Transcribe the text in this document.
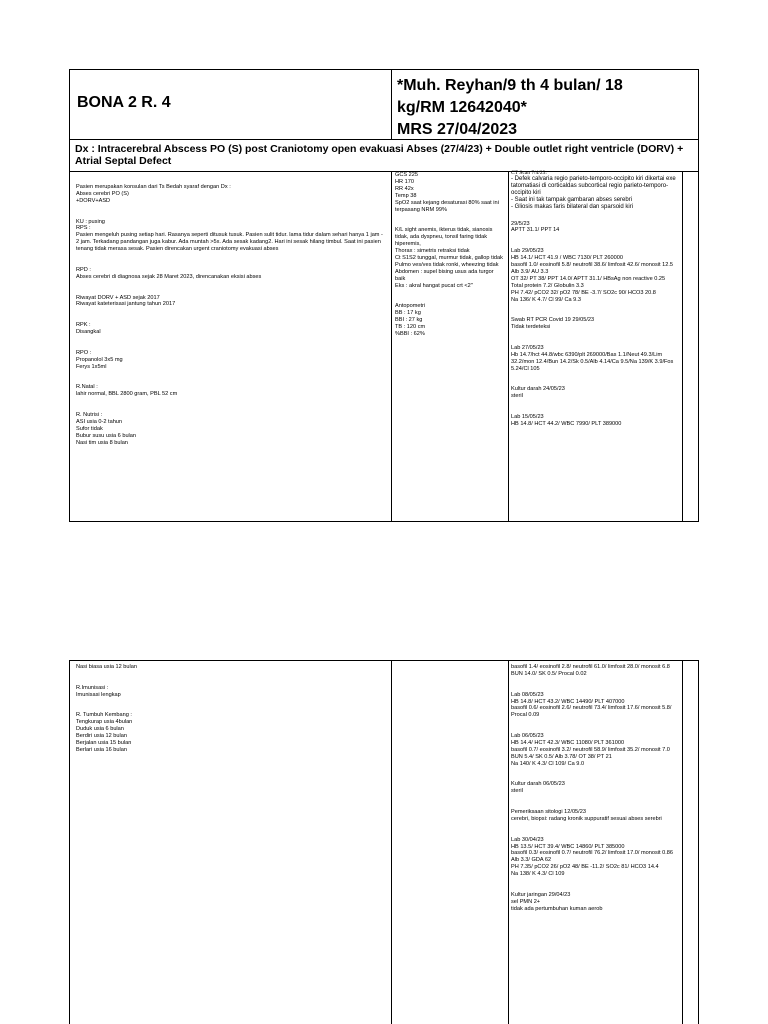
BONA 2 R. 4

*Muh. Reyhan/9 th 4 bulan/ 18

kg/RM 12642040*

MRS 27/04/2023

Dx : Intracerebral Abscess PO (S) post Craniotomy open evakuasi Abses (27/4/23) + Double outlet right ventricle (DORV) + Atrial Septal Defect
Pasien merupakan konsulan dari Ts Bedah syaraf dengan Dx :
Abses cerebri PO (S)
+DORV+ASD

KU : pusing
RPS :
Pasien mengeluh pusing setiap hari. Rasanya seperti ditusuk tusuk. Pasien sulit tidur. lama tidur dalam sehari hanya 1 jam - 2 jam. Terkadang pandangan juga kabur. Ada muntah >5x. Ada sesak kadang2. Hari ini sesak hilang timbul. Saat ini pasien tenang tidak merasa sesak. Pasien direncakan urgent craniotomy evakuasi abses

RPD :
Abses cerebri di diagnosa sejak 28 Maret 2023, direncanakan eksisi abses

Riwayat DORV + ASD sejak 2017
Riwayat kateterisasi jantung tahun 2017

RPK :
Disangkal

RPO :
Propanolol 3x5 mg
Ferys 1x5ml

R.Natal :
lahir normal, BBL 2800 gram, PBL 52 cm

R. Nutrisi :
ASI usia 0-2 tahun
Sufor tidak
Bubur susu usia 6 bulan
Nasi tim usia 8 bulan
GCS 225
HR 170
RR 42x
Temp 38
SpO2 saat kejang desaturasi 80% saat ini terpasang NRM 99%

K/L sight anemis, ikterus tidak, sianosis tidak, ada dyspneu, tonsil faring tidak hiperemis,
Thorax : simetris retraksi tidak
Ct S1S2 tunggal, murmur tidak, gallop tidak
Pulmo ves/ves tidak ronki, wheezing tidak
Abdomen : supel bising usus ada turgor baik
Eks : akral hangat pucat crt <2"

Antopometri
BB : 17 kg
BBI : 27 kg
TB : 120 cm
%BBI : 62%

CT Scan 7/4/23:

- Defek calvaria regio parieto-temporo-occipito kiri dikertai exe tatomatiasi di corticaldas subcortical regio parieto-temporo-occipito kiri
- Saat ini tak tampak gambaran abses serebri
- Gliosis makas faris bilateral dan sparsoid kiri

29/5/23
APTT 31.1/ PPT 14

Lab 29/05/23
HB 14.1/ HCT 41.9 / WBC 7130/ PLT 260000
basofil 1.0/ eosinofil 5.8/ neutrofil 38.6/ limfosit 42.6/ monosit 12.5
Alb 3.9/ AU 3.3
OT 32/ PT 38/ PPT 14.0/ APTT 31.1/ HBsAg non reactive 0.25
Total protein 7.2/ Globulin 3.3
PH 7.42/ pCO2 32/ pO2 78/ BE -3.7/ SO2c 90/ HCO3 20.8
Na 136/ K 4.7/ Cl 99/ Ca 9.3

Swab RT PCR Covid 19 29/05/23
Tidak terdeteksi

Lab 27/05/23
Hb 14.7/hct 44.8/wbc 6390/plt 269000/Bas 1.1/Neut 49.3/Lim 32.2/mon 12.4/Bun 14.2/Sk 0.5/Alb 4.14/Ca 9.5/Na 139/K 3.9/Fos 5.24/Cl 105

Kultur darah 24/05/23
steril

Lab 15/05/23
HB 14.8/ HCT 44.2/ WBC 7990/ PLT 389000

Nasi biasa usia 12 bulan

R.Imunisasi :
Imunisasi lengkap

R. Tumbuh Kembang :
Tengkurap usia 4bulan
Duduk usia 6 bulan
Berdiri usia 12 bulan
Berjalan usia 15 bulan
Berlari usia 16 bulan
basofil 1.4/ eosinofil 2.8/ neutrofil 61.0/ limfosit 28.0/ monosit 6.8
BUN 14.0/ SK 0.5/ Procal 0.02

Lab 08/05/23
HB 14.8/ HCT 43.2/ WBC 14490/ PLT 407000
basofil 0.6/ eosinofil 2.6/ neutrofil 73.4/ limfosit 17.6/ monosit 5.8/ Procal 0.09

Lab 06/05/23
HB 14.4/ HCT 42.3/ WBC 11080/ PLT 361000
basofil 0.7/ eosinofil 3.2/ neutrofil 58.9/ limfosit 35.2/ monosit 7.0
BUN 5.4/ SK 0.5/ Alb 3.78/ OT 38/ PT 21
Na 140/ K 4.3/ Cl 109/ Ca 9.0

Kultur darah 06/05/23
steril

Pemeriksaan sitologi 12/05/23
cerebri, biopsi: radang kronik suppuratif sesuai abses serebri

Lab 30/04/23
HB 13.5/ HCT 39.4/ WBC 14860/ PLT 385000
basofil 0.3/ eosinofil 0.7/ neutrofil 76.2/ limfosit 17.0/ monosit 0.86
Alb 3.3/ GDA 62
PH 7.35/ pCO2 26/ pO2 48/ BE -11.2/ SO2c 81/ HCO3 14.4
Na 138/ K 4.3/ Cl 109

Kultur jaringan 29/04/23
sel PMN 2+
tidak ada pertumbuhan kuman aerob
